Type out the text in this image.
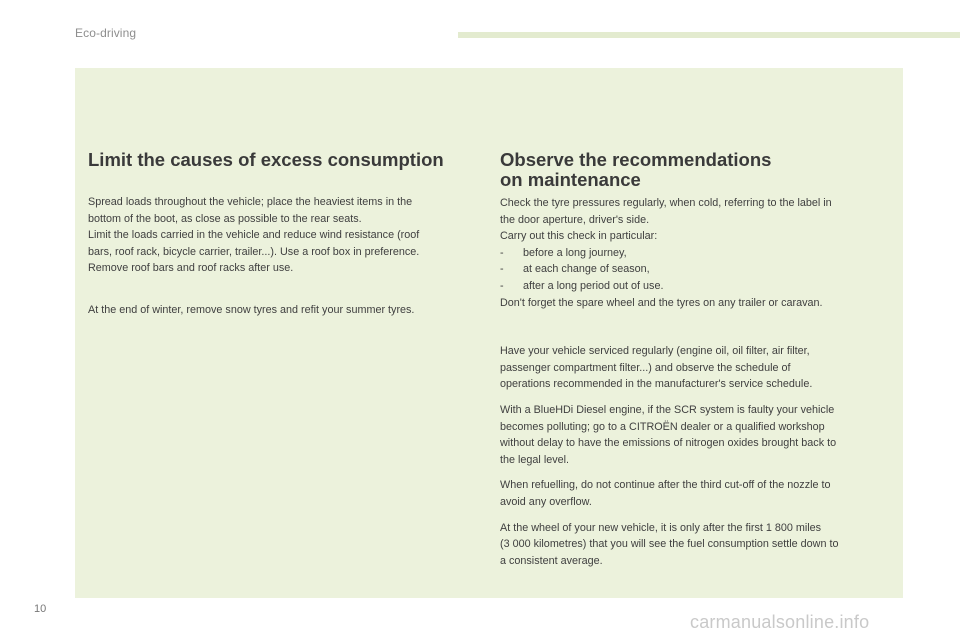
Eco-driving
Limit the causes of excess consumption

Spread loads throughout the vehicle; place the heaviest items in the

bottom of the boot, as close as possible to the rear seats.

Limit the loads carried in the vehicle and reduce wind resistance (roof

bars, roof rack, bicycle carrier, trailer...). Use a roof box in preference.

Remove roof bars and roof racks after use.

At the end of winter, remove snow tyres and refit your summer tyres.

Observe the recommendations
on maintenance

Check the tyre pressures regularly, when cold, referring to the label in

the door aperture, driver's side.

Carry out this check in particular:

-	before a long journey,

-	at each change of season,

-	after a long period out of use.

Don't forget the spare wheel and the tyres on any trailer or caravan.

Have your vehicle serviced regularly (engine oil, oil filter, air filter,

passenger compartment filter...) and observe the schedule of

operations recommended in the manufacturer's service schedule.

With a BlueHDi Diesel engine, if the SCR system is faulty your vehicle

becomes polluting; go to a CITROËN dealer or a qualified workshop

without delay to have the emissions of nitrogen oxides brought back to

the legal level.

When refuelling, do not continue after the third cut-off of the nozzle to

avoid any overflow.

At the wheel of your new vehicle, it is only after the first 1 800 miles

(3 000 kilometres) that you will see the fuel consumption settle down to

a consistent average.

10
carmanualsonline.info
